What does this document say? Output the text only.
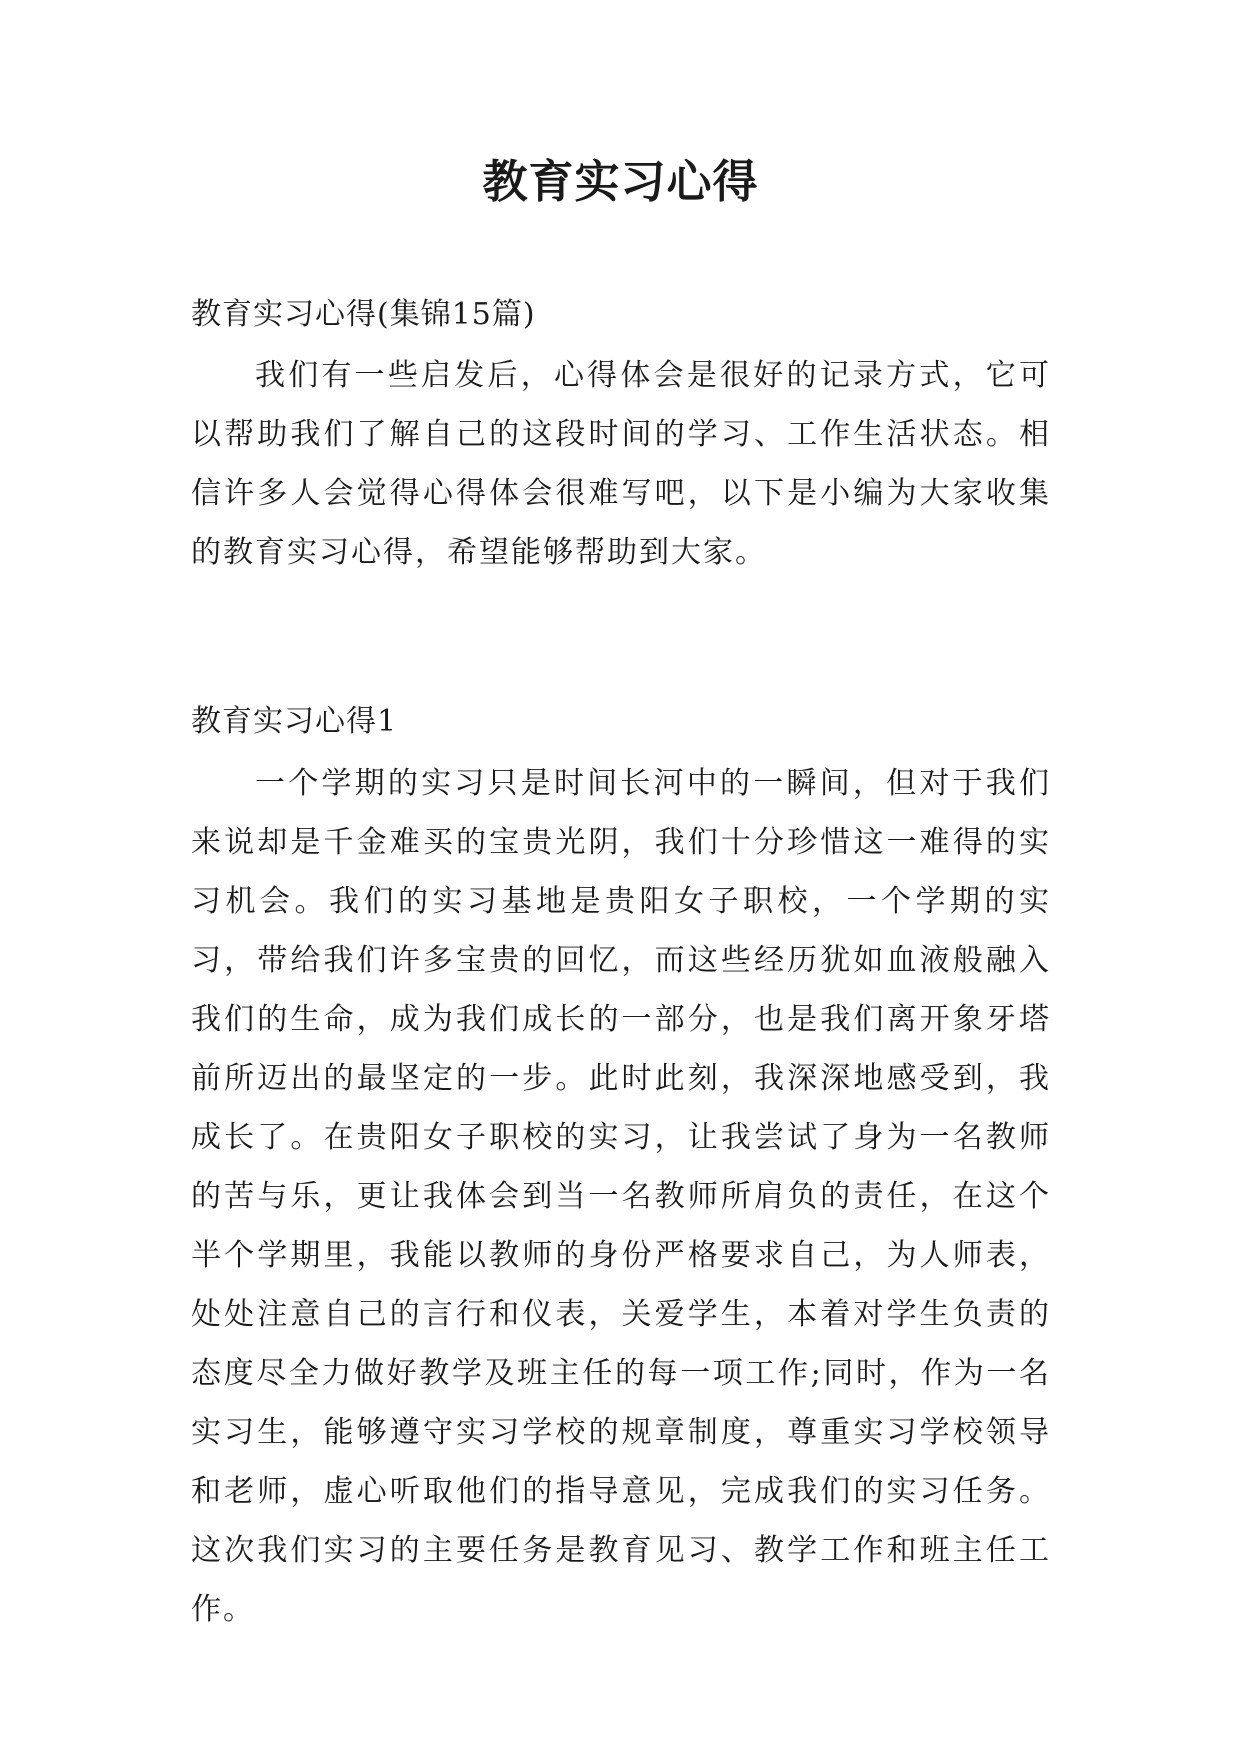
教育实习心得

教育实习心得(集锦15篇)

我们有一些启发后，心得体会是很好的记录方式，它可以帮助我们了解自己的这段时间的学习、工作生活状态。相信许多人会觉得心得体会很难写吧，以下是小编为大家收集的教育实习心得，希望能够帮助到大家。

教育实习心得1

一个学期的实习只是时间长河中的一瞬间，但对于我们来说却是千金难买的宝贵光阴，我们十分珍惜这一难得的实习机会。我们的实习基地是贵阳女子职校，一个学期的实习，带给我们许多宝贵的回忆，而这些经历犹如血液般融入我们的生命，成为我们成长的一部分，也是我们离开象牙塔前所迈出的最坚定的一步。此时此刻，我深深地感受到，我成长了。在贵阳女子职校的实习，让我尝试了身为一名教师的苦与乐，更让我体会到当一名教师所肩负的责任，在这个半个学期里，我能以教师的身份严格要求自己，为人师表，处处注意自己的言行和仪表，关爱学生，本着对学生负责的态度尽全力做好教学及班主任的每一项工作;同时，作为一名实习生，能够遵守实习学校的规章制度，尊重实习学校领导和老师，虚心听取他们的指导意见，完成我们的实习任务。这次我们实习的主要任务是教育见习、教学工作和班主任工作。
